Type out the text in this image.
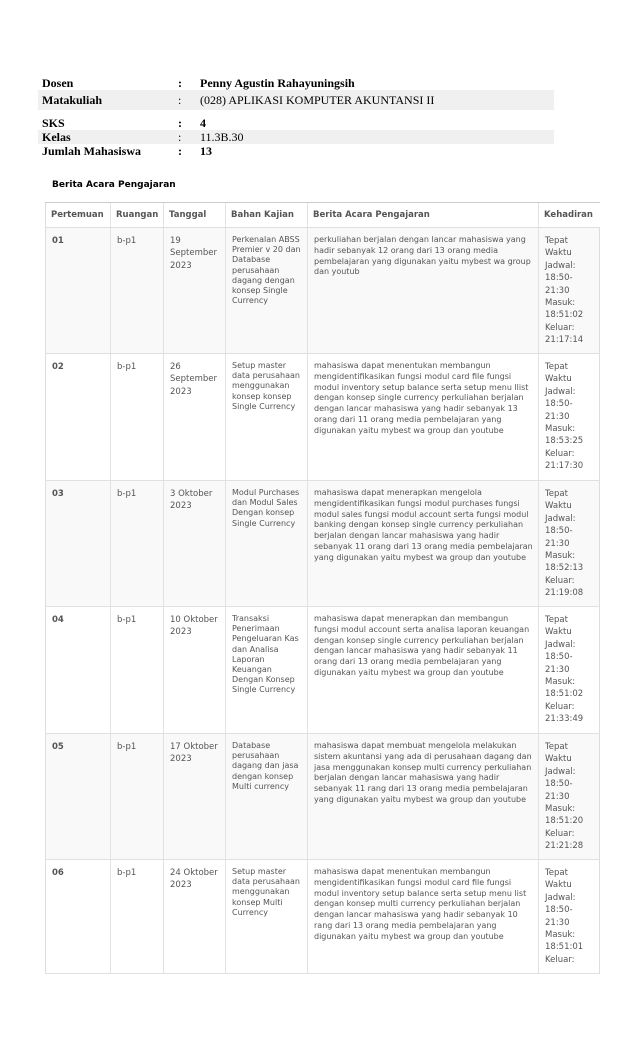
Dosen	:	Penny Agustin Rahayuningsih
Matakuliah	:	(028) APLIKASI KOMPUTER AKUNTANSI II
SKS	:	4
Kelas	:	11.3B.30
Jumlah Mahasiswa	:	13
Berita Acara Pengajaran
Pertemuan	Ruangan	Tanggal	Bahan Kajian	Berita Acara Pengajaran	Kehadiran
01	b-p1	19 September 2023	Perkenalan ABSS Premier v 20 dan Database perusahaan dagang dengan konsep Single Currency	perkuliahan berjalan dengan lancar mahasiswa yang hadir sebanyak 12 orang dari 13 orang media pembelajaran yang digunakan yaitu mybest wa group dan youtub	Tepat Waktu Jadwal: 18:50-21:30 Masuk: 18:51:02 Keluar: 21:17:14
02	b-p1	26 September 2023	Setup master data perusahaan menggunakan konsep konsep Single Currency	mahasiswa dapat menentukan membangun mengidentifikasikan fungsi modul card file fungsi modul inventory setup balance serta setup menu llist dengan konsep single currency perkuliahan berjalan dengan lancar mahasiswa yang hadir sebanyak 13 orang dari 11 orang media pembelajaran yang digunakan yaitu mybest wa group dan youtube	Tepat Waktu Jadwal: 18:50-21:30 Masuk: 18:53:25 Keluar: 21:17:30
03	b-p1	3 Oktober 2023	Modul Purchases dan Modul Sales Dengan konsep Single Currency	mahasiswa dapat menerapkan mengelola mengidentifikasikan fungsi modul purchases fungsi modul sales fungsi modul account serta fungsi modul banking dengan konsep single currency perkuliahan berjalan dengan lancar mahasiswa yang hadir sebanyak 11 orang dari 13 orang media pembelajaran yang digunakan yaitu mybest wa group dan youtube	Tepat Waktu Jadwal: 18:50-21:30 Masuk: 18:52:13 Keluar: 21:19:08
04	b-p1	10 Oktober 2023	Transaksi Penerimaan Pengeluaran Kas dan Analisa Laporan Keuangan Dengan Konsep Single Currency	mahasiswa dapat menerapkan dan membangun fungsi modul account serta analisa laporan keuangan dengan konsep single currency perkuliahan berjalan dengan lancar mahasiswa yang hadir sebanyak 11 orang dari 13 orang media pembelajaran yang digunakan yaitu mybest wa group dan youtube	Tepat Waktu Jadwal: 18:50-21:30 Masuk: 18:51:02 Keluar: 21:33:49
05	b-p1	17 Oktober 2023	Database perusahaan dagang dan jasa dengan konsep Multi currency	mahasiswa dapat membuat mengelola melakukan sistem akuntansi yang ada di perusahaan dagang dan jasa menggunakan konsep multi currency perkuliahan berjalan dengan lancar mahasiswa yang hadir sebanyak 11 rang dari 13 orang media pembelajaran yang digunakan yaitu mybest wa group dan youtube	Tepat Waktu Jadwal: 18:50-21:30 Masuk: 18:51:20 Keluar: 21:21:28
06	b-p1	24 Oktober 2023	Setup master data perusahaan menggunakan konsep Multi Currency	mahasiswa dapat menentukan membangun mengidentifikasikan fungsi modul card file fungsi modul inventory setup balance serta setup menu list dengan konsep multi currency perkuliahan berjalan dengan lancar mahasiswa yang hadir sebanyak 10 rang dari 13 orang media pembelajaran yang digunakan yaitu mybest wa group dan youtube	Tepat Waktu Jadwal: 18:50-21:30 Masuk: 18:51:01 Keluar:
